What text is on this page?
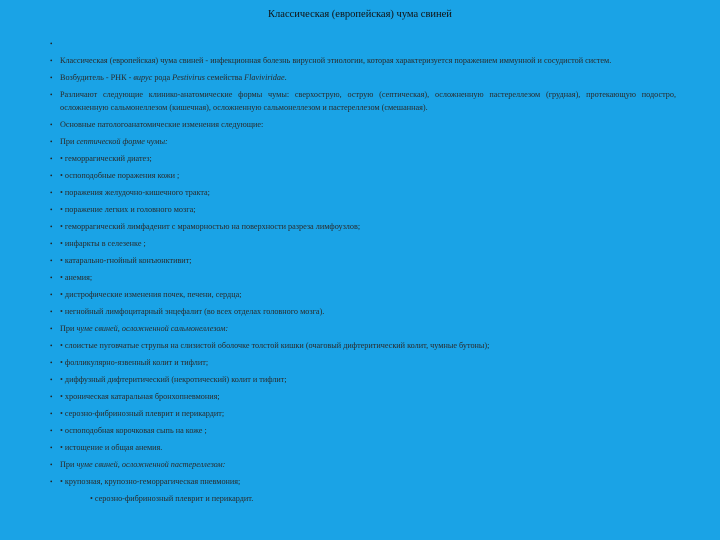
Классическая (европейская) чума свиней
•
• Классическая (европейская) чума свиней - инфекционная болезнь вирусной этиологии, которая характеризуется поражением иммунной и сосудистой систем.
• Возбудитель - РНК - вирус рода Pestivirus семейства Flaviviridae.
• Различают следующие клинико-анатомические формы чумы: сверхострую, острую (септическая), осложненную пастереллезом (грудная), протекающую подостро, осложненную сальмонеллезом (кишечная), осложненную сальмонеллезом и пастереллезом (смешанная).
• Основные патологоанатомические изменения следующие:
• При септической форме чумы:
• • геморрагический диатез;
• • оспоподобные поражения кожи ;
• • поражения желудочно-кишечного тракта;
• • поражение легких и головного мозга;
• • геморрагический лимфаденит с мраморностью на поверхности разреза лимфоузлов;
• • инфаркты в селезенке ;
• • катарально-гнойный конъюнктивит;
• • анемия;
• • дистрофические изменения почек, печени, сердца;
• • негнойный лимфоцитарный энцефалит (во всех отделах головного мозга).
• При чуме свиней, осложненной сальмонеллезом:
• • слоистые пуговчатые струпья на слизистой оболочке толстой кишки (очаговый дифтеритический колит, чумные бутоны);
• • фолликулярно-язвенный колит и тифлит;
• • диффузный дифтеритический (некротический) колит и тифлит;
• • хроническая катаральная бронхопневмония;
• • серозно-фибринозный плеврит и перикардит;
• • оспоподобная корочковая сыпь на коже ;
• • истощение и общая анемия.
• При чуме свиней, осложненной пастереллезом:
• • крупозная, крупозно-геморрагическая пневмония;
• серозно-фибринозный плеврит и перикардит.
